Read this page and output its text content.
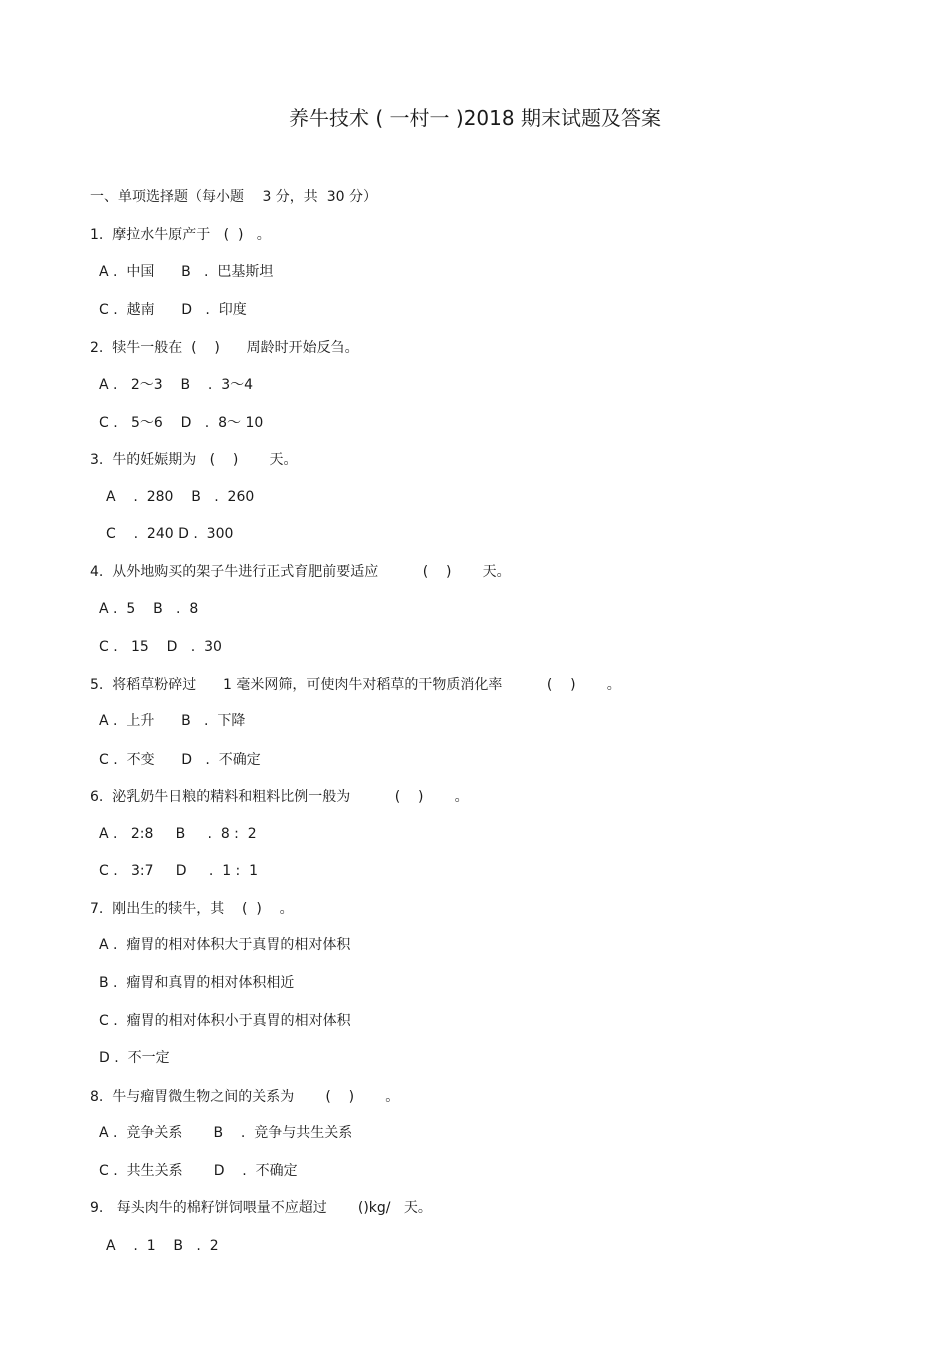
养牛技术 ( 一村一 )2018 期末试题及答案
一、单项选择题（每小题　 3 分，共  30 分）
1.  摩拉水牛原产于   (  )   。
A .  中国      B   .  巴基斯坦
C .  越南      D   .  印度
2.  犊牛一般在  (    )      周龄时开始反刍。
A .   2～3    B    .  3～4
C .   5～6    D   .  8～ 10
3.  牛的妊娠期为   (    )       天。
A    .  280    B   .  260
C    .  240 D .  300
4.  从外地购买的架子牛进行正式育肥前要适应          (    )       天。
A .  5    B   .  8
C .   15    D   .  30
5.  将稻草粉碎过      1 毫米网筛，可使肉牛对稻草的干物质消化率          (    )       。
A .  上升      B   .  下降
C .  不变      D   .  不确定
6.  泌乳奶牛日粮的精料和粗料比例一般为          (    )       。
A .   2:8     B     .  8 :  2
C .   3:7     D     .  1 :  1
7.  刚出生的犊牛，其    (  )    。
A .  瘤胃的相对体积大于真胃的相对体积
B .  瘤胃和真胃的相对体积相近
C .  瘤胃的相对体积小于真胃的相对体积
D .  不一定
8.  牛与瘤胃微生物之间的关系为       (    )       。
A .  竞争关系       B    .  竞争与共生关系
C .  共生关系       D    .  不确定
9.   每头肉牛的棉籽饼饲喂量不应超过       ()kg/   天。
A    .  1    B   .  2
